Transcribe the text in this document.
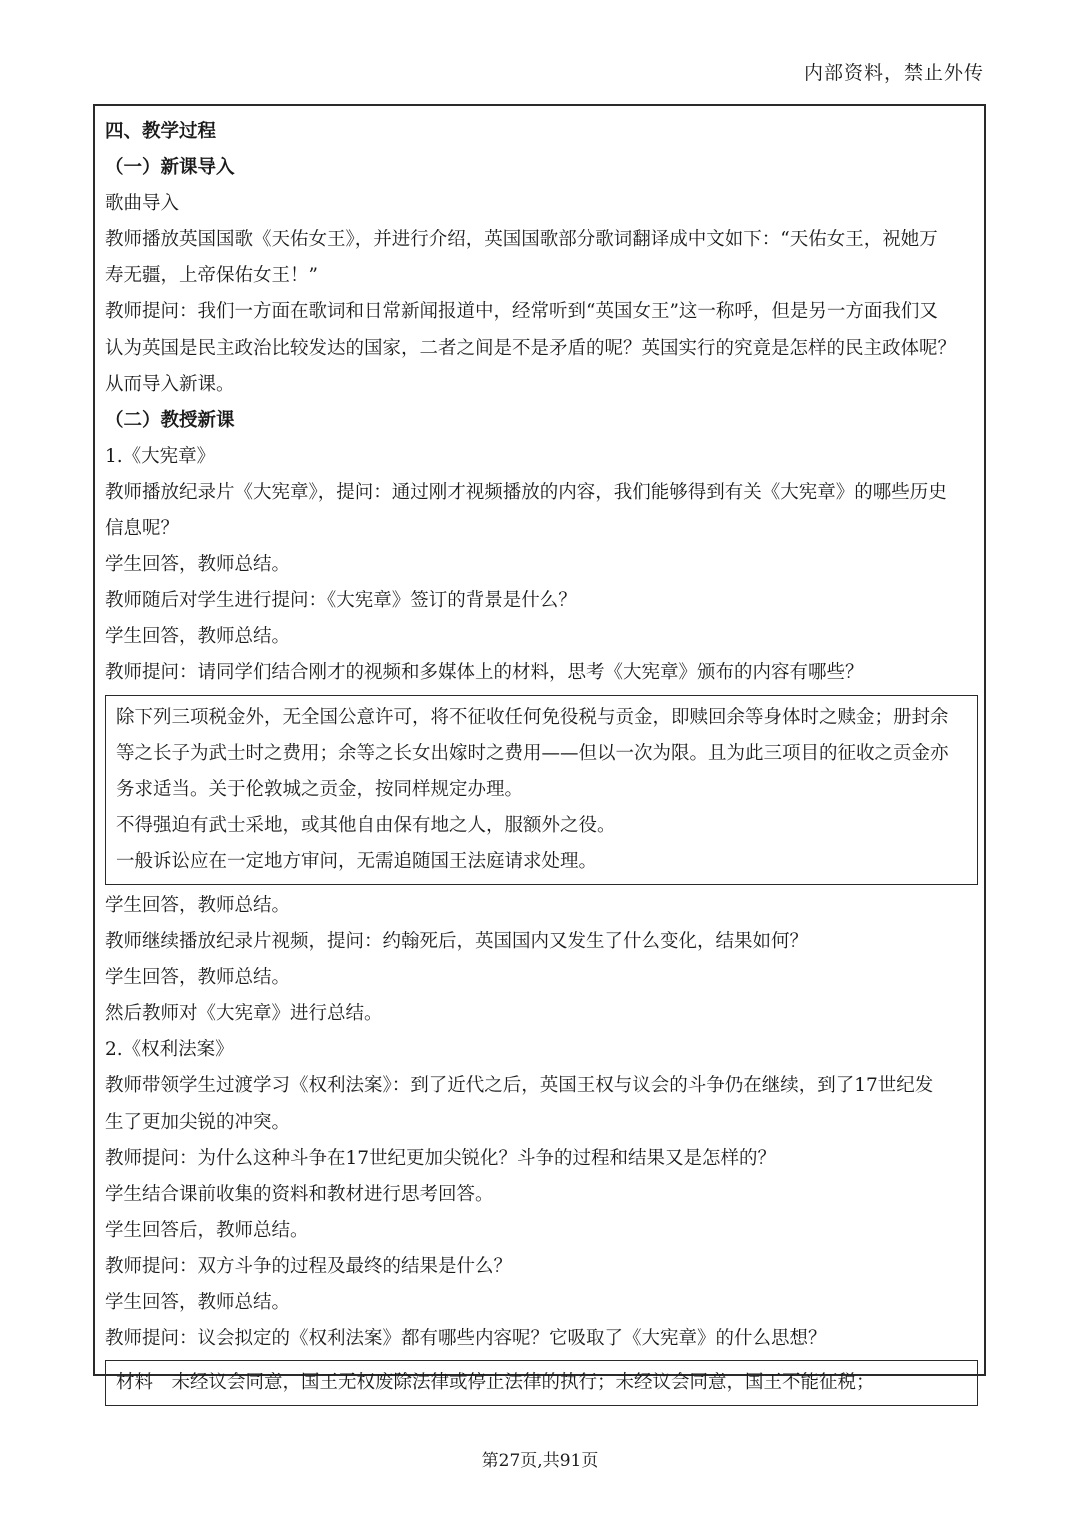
内部资料，禁止外传
四、教学过程
（一）新课导入
歌曲导入
教师播放英国国歌《天佑女王》，并进行介绍，英国国歌部分歌词翻译成中文如下：“天佑女王，祝她万
寿无疆，上帝保佑女王！”
教师提问：我们一方面在歌词和日常新闻报道中，经常听到“英国女王”这一称呼，但是另一方面我们又
认为英国是民主政治比较发达的国家，二者之间是不是矛盾的呢？英国实行的究竟是怎样的民主政体呢？
从而导入新课。
（二）教授新课
1.《大宪章》
教师播放纪录片《大宪章》，提问：通过刚才视频播放的内容，我们能够得到有关《大宪章》的哪些历史
信息呢？
学生回答，教师总结。
教师随后对学生进行提问：《大宪章》签订的背景是什么？
学生回答，教师总结。
教师提问：请同学们结合刚才的视频和多媒体上的材料，思考《大宪章》颁布的内容有哪些？
除下列三项税金外，无全国公意许可，将不征收任何免役税与贡金，即赎回余等身体时之赎金；册封余
等之长子为武士时之费用；余等之长女出嫁时之费用——但以一次为限。且为此三项目的征收之贡金亦
务求适当。关于伦敦城之贡金，按同样规定办理。
不得强迫有武士采地，或其他自由保有地之人，服额外之役。
一般诉讼应在一定地方审问，无需追随国王法庭请求处理。
学生回答，教师总结。
教师继续播放纪录片视频，提问：约翰死后，英国国内又发生了什么变化，结果如何？
学生回答，教师总结。
然后教师对《大宪章》进行总结。
2.《权利法案》
教师带领学生过渡学习《权利法案》：到了近代之后，英国王权与议会的斗争仍在继续，到了17世纪发
生了更加尖锐的冲突。
教师提问：为什么这种斗争在17世纪更加尖锐化？斗争的过程和结果又是怎样的？
学生结合课前收集的资料和教材进行思考回答。
学生回答后，教师总结。
教师提问：双方斗争的过程及最终的结果是什么？
学生回答，教师总结。
教师提问：议会拟定的《权利法案》都有哪些内容呢？它吸取了《大宪章》的什么思想？
材料　未经议会同意，国王无权废除法律或停止法律的执行；未经议会同意，国王不能征税；
第27页,共91页
